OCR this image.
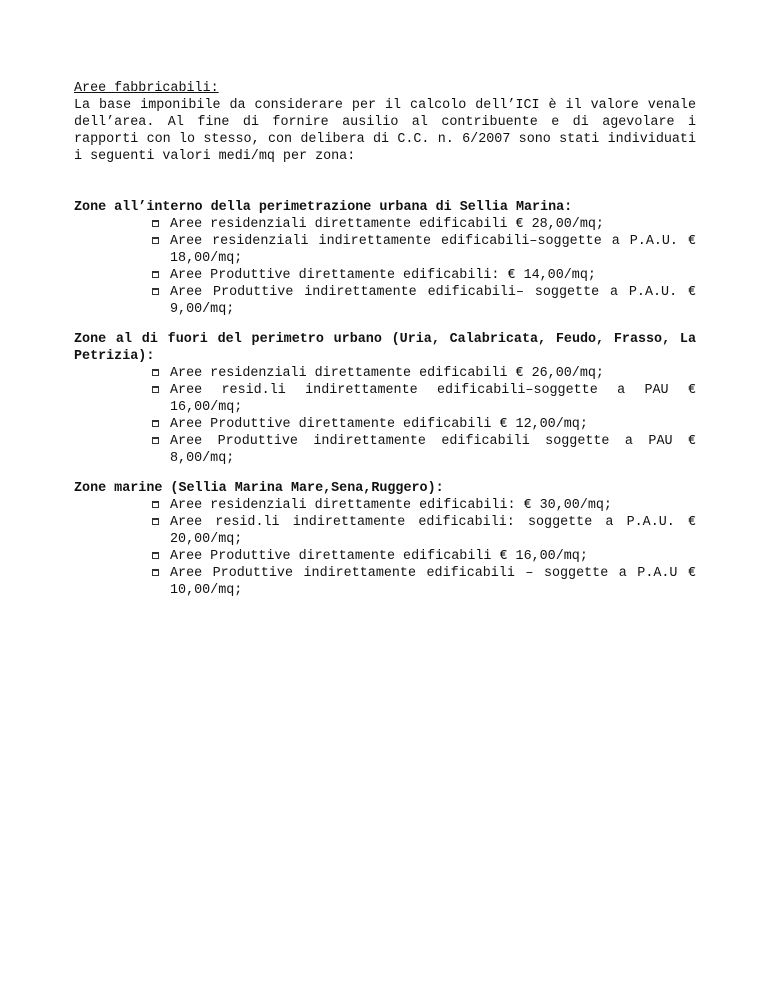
Aree fabbricabili:

La base imponibile da considerare per il calcolo dell’ICI è il valore venale dell’area. Al fine di fornire ausilio al contribuente e di agevolare i rapporti con lo stesso, con delibera di C.C. n. 6/2007 sono stati individuati i seguenti valori medi/mq per zona:

Zone all’interno della perimetrazione urbana di Sellia Marina:

Aree residenziali direttamente edificabili € 28,00/mq;
Aree residenziali indirettamente edificabili–soggette a P.A.U. € 18,00/mq;
Aree Produttive direttamente edificabili: € 14,00/mq;
Aree Produttive indirettamente edificabili– soggette a P.A.U. € 9,00/mq;

Zone al di fuori del perimetro urbano (Uria, Calabricata, Feudo, Frasso, La Petrizia):

Aree residenziali direttamente edificabili € 26,00/mq;
Aree resid.li indirettamente edificabili–soggette a PAU € 16,00/mq;
Aree Produttive direttamente edificabili € 12,00/mq;
Aree Produttive indirettamente edificabili soggette a PAU € 8,00/mq;

Zone marine (Sellia Marina Mare,Sena,Ruggero):

Aree residenziali direttamente edificabili: € 30,00/mq;
Aree resid.li indirettamente edificabili: soggette a P.A.U. € 20,00/mq;
Aree Produttive direttamente edificabili € 16,00/mq;
Aree Produttive indirettamente edificabili – soggette a P.A.U € 10,00/mq;
